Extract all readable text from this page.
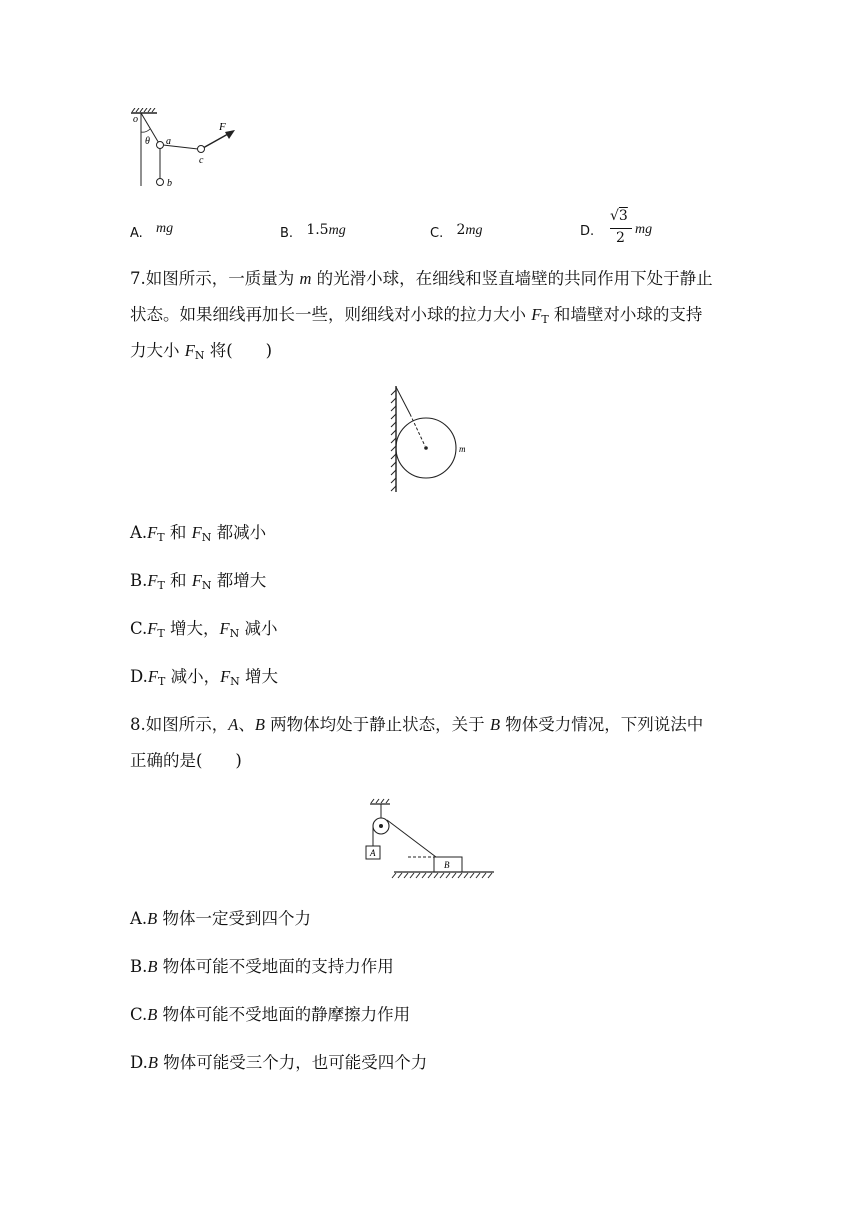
o
θ a
b
c
F
A. $^{mg}$	B. 1.5mg	C. 2mg	D.
√3
2
mg
7.如图所示，一质量为 m 的光滑小球，在细线和竖直墙壁的共同作用下处于静止
状态。如果细线再加长一些，则细线对小球的拉力大小 $F_T$ 和墙壁对小球的支持
力大小 $F_N$ 将(　　)
m
$A.F_T$ 和 $F_N$ 都减小
$B.F_T$ 和 $F_N$ 都增大
$C.F_T$ 增大，$F_N$ 减小
$D.F_T$ 减小，$F_N$ 增大
8.如图所示，A、B 两物体均处于静止状态，关于 B 物体受力情况，下列说法中
正确的是(　　)
A
B
A.B 物体一定受到四个力
B.B 物体可能不受地面的支持力作用
C.B 物体可能不受地面的静摩擦力作用
D.B 物体可能受三个力，也可能受四个力
